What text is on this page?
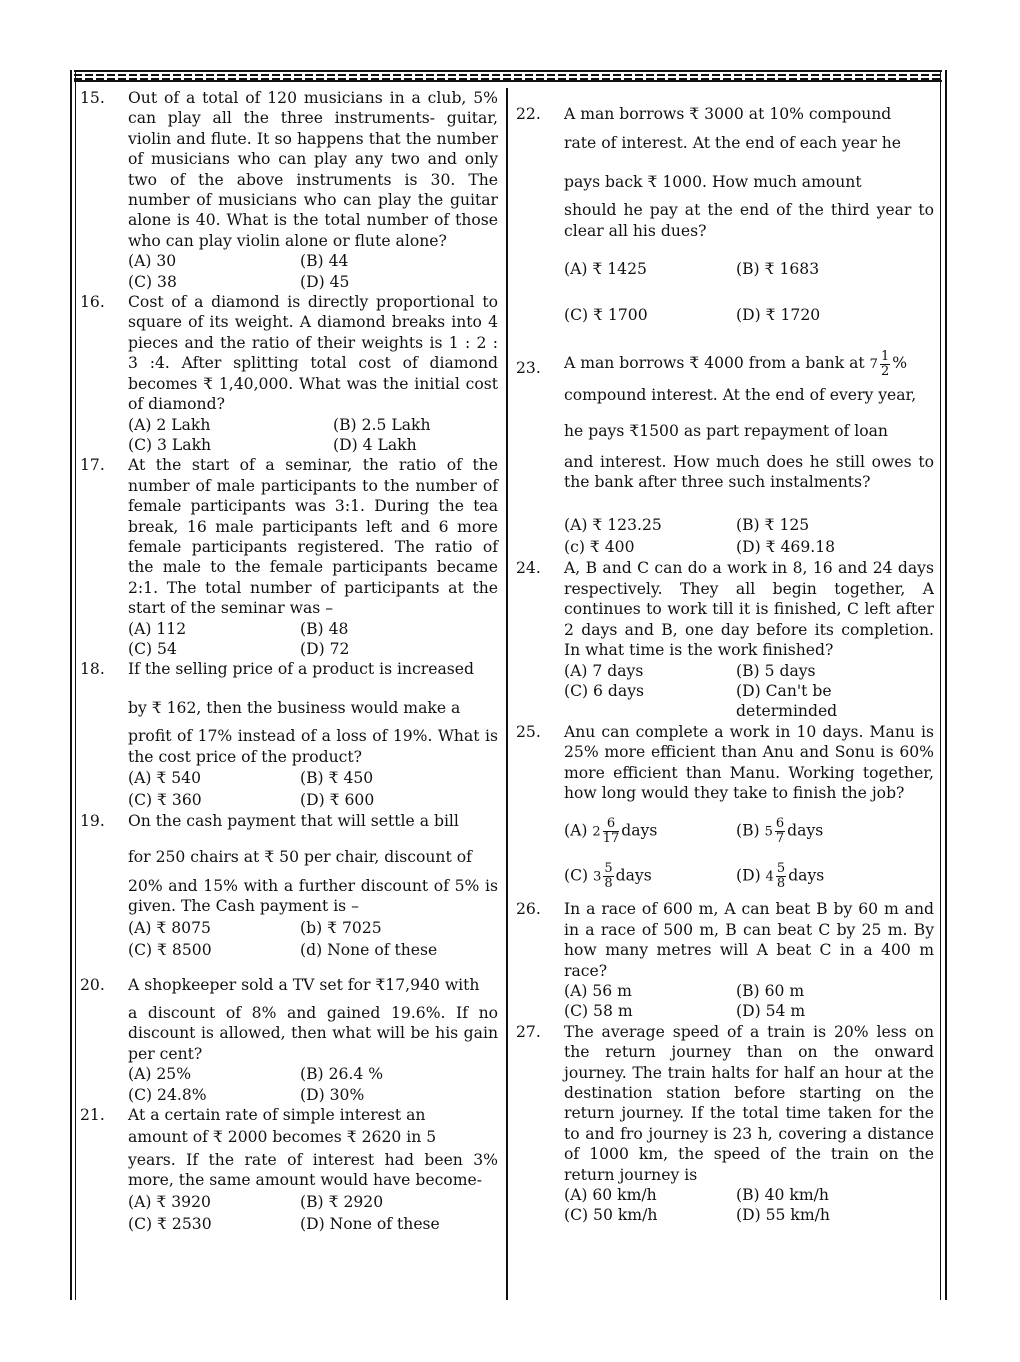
15.	Out of a total of 120 musicians in a club, 5% can play all the three instruments- guitar, violin and flute. It so happens that the number of musicians who can play any two and only two of the above instruments is 30. The number of musicians who can play the guitar alone is 40. What is the total number of those who can play violin alone or flute alone?
(A) 30	(B) 44
(C) 38	(D) 45
16.	Cost of a diamond is directly proportional to square of its weight. A diamond breaks into 4 pieces and the ratio of their weights is 1 : 2 : 3 :4. After splitting total cost of diamond becomes ₹ 1,40,000. What was the initial cost of diamond?
(A) 2 Lakh	(B) 2.5 Lakh
(C) 3 Lakh	(D) 4 Lakh
17.	At the start of a seminar, the ratio of the number of male participants to the number of female participants was 3:1. During the tea break, 16 male participants left and 6 more female participants registered. The ratio of the male to the female participants became 2:1. The total number of participants at the start of the seminar was –
(A) 112	(B) 48
(C) 54	(D) 72
18.	If the selling price of a product is increased
by ₹ 162, then the business would make a
profit of 17% instead of a loss of 19%. What is the cost price of the product?
(A) ₹ 540	(B) ₹ 450
(C) ₹ 360	(D) ₹ 600
19.	On the cash payment that will settle a bill
for 250 chairs at ₹ 50 per chair, discount of
20% and 15% with a further discount of 5% is given. The Cash payment is –
(A) ₹ 8075	(b) ₹ 7025
(C) ₹ 8500	(d) None of these
20.	A shopkeeper sold a TV set for ₹17,940 with
a discount of 8% and gained 19.6%. If no discount is allowed, then what will be his gain per cent?
(A) 25%	(B) 26.4 %
(C) 24.8%	(D) 30%
21.	At a certain rate of simple interest an
amount of ₹ 2000 becomes ₹ 2620 in 5
years. If the rate of interest had been 3% more, the same amount would have become-
(A) ₹ 3920	(B) ₹ 2920
(C) ₹ 2530	(D) None of these
22.	A man borrows ₹ 3000 at 10% compound
rate of interest. At the end of each year he
pays back ₹ 1000. How much amount
should he pay at the end of the third year to clear all his dues?
(A) ₹ 1425	(B) ₹ 1683
(C) ₹ 1700	(D) ₹ 1720
23.	A man borrows ₹ 4000 from a bank at $7 \frac{1}{2}$ %
compound interest. At the end of every year,
he pays ₹1500 as part repayment of loan
and interest. How much does he still owes to the bank after three such instalments?
(A) ₹ 123.25	(B) ₹ 125
(c) ₹ 400	(D) ₹ 469.18
24.	A, B and C can do a work in 8, 16 and 24 days respectively. They all begin together, A continues to work till it is finished, C left after 2 days and B, one day before its completion. In what time is the work finished?
(A) 7 days	(B) 5 days
(C) 6 days	(D) Can't be determinded
25.	Anu can complete a work in 10 days. Manu is 25% more efficient than Anu and Sonu is 60% more efficient than Manu. Working together, how long would they take to finish the job?
(A) $2 \frac{6}{17}$ days	(B) $5 \frac{6}{7}$ days
(C) $3 \frac{5}{8}$ days	(D) $4 \frac{5}{8}$ days
26.	In a race of 600 m, A can beat B by 60 m and in a race of 500 m, B can beat C by 25 m. By how many metres will A beat C in a 400 m race?
(A) 56 m	(B) 60 m
(C) 58 m	(D) 54 m
27.	The average speed of a train is 20% less on the return journey than on the onward journey. The train halts for half an hour at the destination station before starting on the return journey. If the total time taken for the to and fro journey is 23 h, covering a distance of 1000 km, the speed of the train on the return journey is
(A) 60 km/h	(B) 40 km/h
(C) 50 km/h	(D) 55 km/h
